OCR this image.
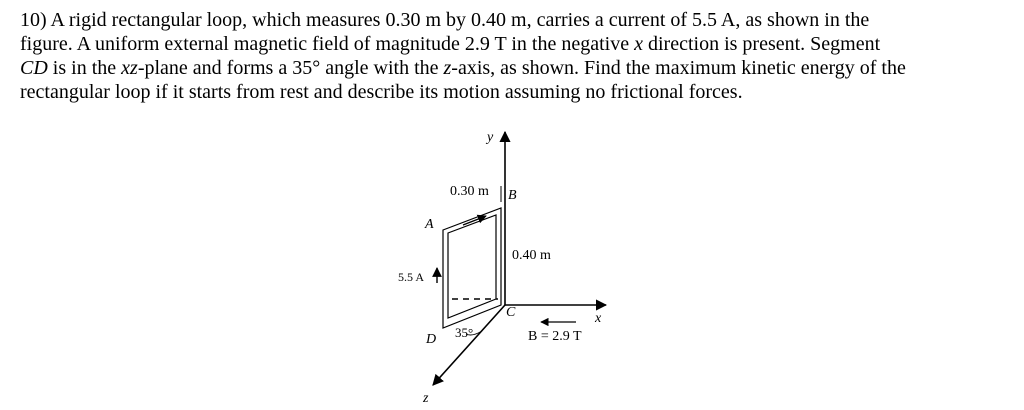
10) A rigid rectangular loop, which measures 0.30 m by 0.40 m, carries a current of 5.5 A, as shown in the
figure. A uniform external magnetic field of magnitude 2.9 T in the negative x direction is present. Segment
CD is in the xz-plane and forms a 35° angle with the z-axis, as shown. Find the maximum kinetic energy of the
rectangular loop if it starts from rest and describe its motion assuming no frictional forces.
y
x
z
0.30 m
0.40 m
A
B
C
D
5.5 A
35°	B = 2.9 T
